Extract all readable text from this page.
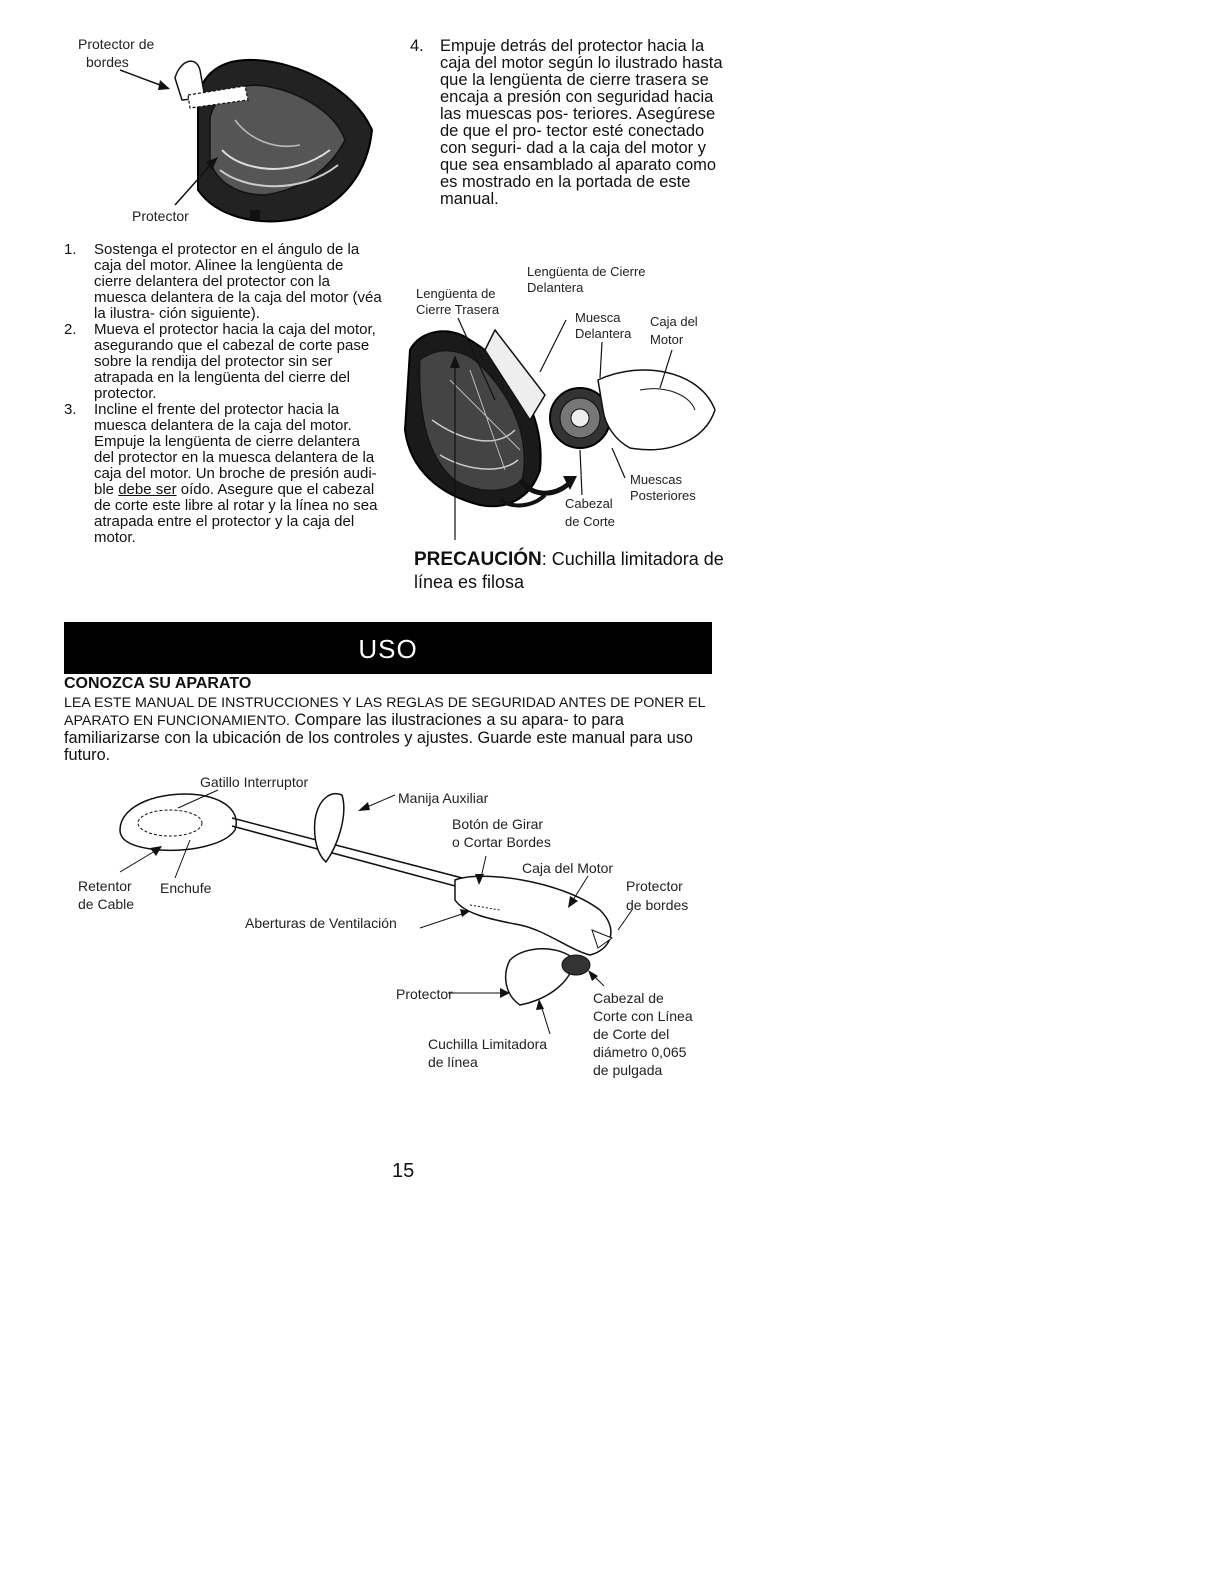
Protector de
bordes
Protector
1. Sostenga el protector en el ángulo de la caja del motor. Alinee la lengüenta de cierre delantera del protector con la muesca delantera de la caja del motor (véa la ilustra- ción siguiente).
2. Mueva el protector hacia la caja del motor, asegurando que el cabezal de corte pase sobre la rendija del protector sin ser atrapada en la lengüenta del cierre del protector.
3. Incline el frente del protector hacia la muesca delantera de la caja del motor. Empuje la lengüenta de cierre delantera del protector en la muesca delantera de la caja del motor. Un broche de presión audi- ble debe ser oído. Asegure que el cabezal de corte este libre al rotar y la línea no sea atrapada entre el protector y la caja del motor.
4. Empuje detrás del protector hacia la caja del motor según lo ilustrado hasta que la lengüenta de cierre trasera se encaja a presión con seguridad hacia las muescas pos- teriores. Asegúrese de que el pro- tector esté conectado con seguri- dad a la caja del motor y que sea ensamblado al aparato como es mostrado en la portada de este manual.
Lengüenta de Cierre
Delantera
Lengüenta de
Cierre Trasera
Muesca
Delantera
Caja del
Motor
Muescas
Posteriores
Cabezal
de Corte
PRECAUCIÓN: Cuchilla limitadora de línea es filosa
USO
CONOZCA SU APARATO
LEA ESTE MANUAL DE INSTRUCCIONES Y LAS REGLAS DE SEGURIDAD ANTES DE PONER EL APARATO EN FUNCIONAMIENTO. Compare las ilustraciones a su apara- to para familiarizarse con la ubicación de los controles y ajustes. Guarde este manual para uso futuro.
Gatillo Interruptor
Manija Auxiliar
Botón de Girar
o Cortar Bordes
Caja del Motor
Protector
de bordes
Retentor
de Cable
Enchufe
Aberturas de Ventilación
Protector	Cabezal de
Corte con Línea
de Corte del
diámetro 0,065
de pulgada
Cuchilla Limitadora
de línea
15
